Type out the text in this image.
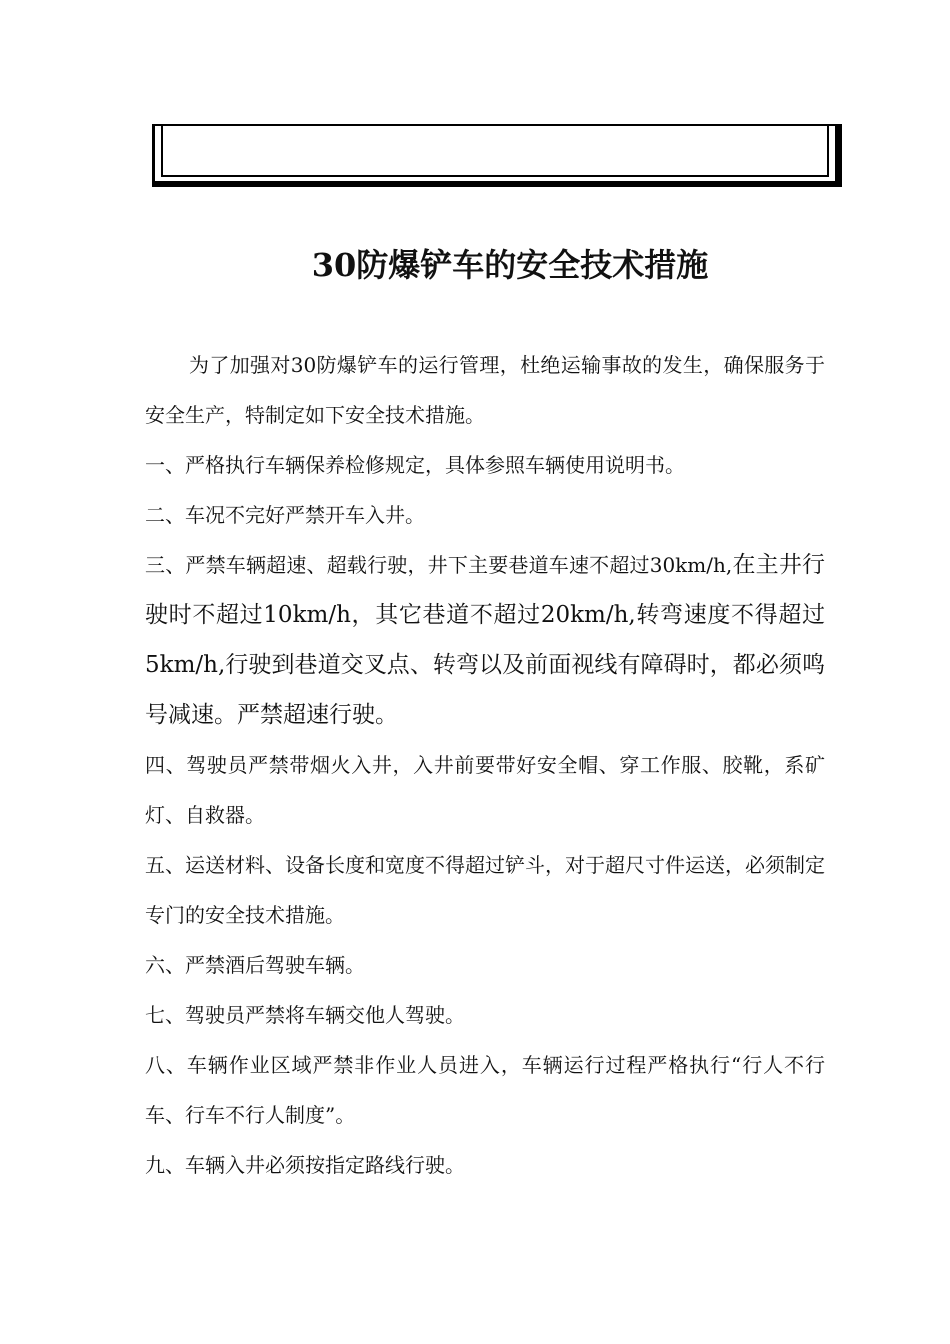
30防爆铲车的安全技术措施

为了加强对30防爆铲车的运行管理，杜绝运输事故的发生，确保服务于安全生产，特制定如下安全技术措施。

一、严格执行车辆保养检修规定，具体参照车辆使用说明书。

二、车况不完好严禁开车入井。

三、严禁车辆超速、超载行驶，井下主要巷道车速不超过30km/h,在主井行驶时不超过10km/h，其它巷道不超过20km/h,转弯速度不得超过5km/h,行驶到巷道交叉点、转弯以及前面视线有障碍时，都必须鸣号减速。严禁超速行驶。

四、驾驶员严禁带烟火入井，入井前要带好安全帽、穿工作服、胶靴，系矿灯、自救器。

五、运送材料、设备长度和宽度不得超过铲斗，对于超尺寸件运送，必须制定专门的安全技术措施。

六、严禁酒后驾驶车辆。

七、驾驶员严禁将车辆交他人驾驶。

八、车辆作业区域严禁非作业人员进入，车辆运行过程严格执行“行人不行车、行车不行人制度”。

九、车辆入井必须按指定路线行驶。
